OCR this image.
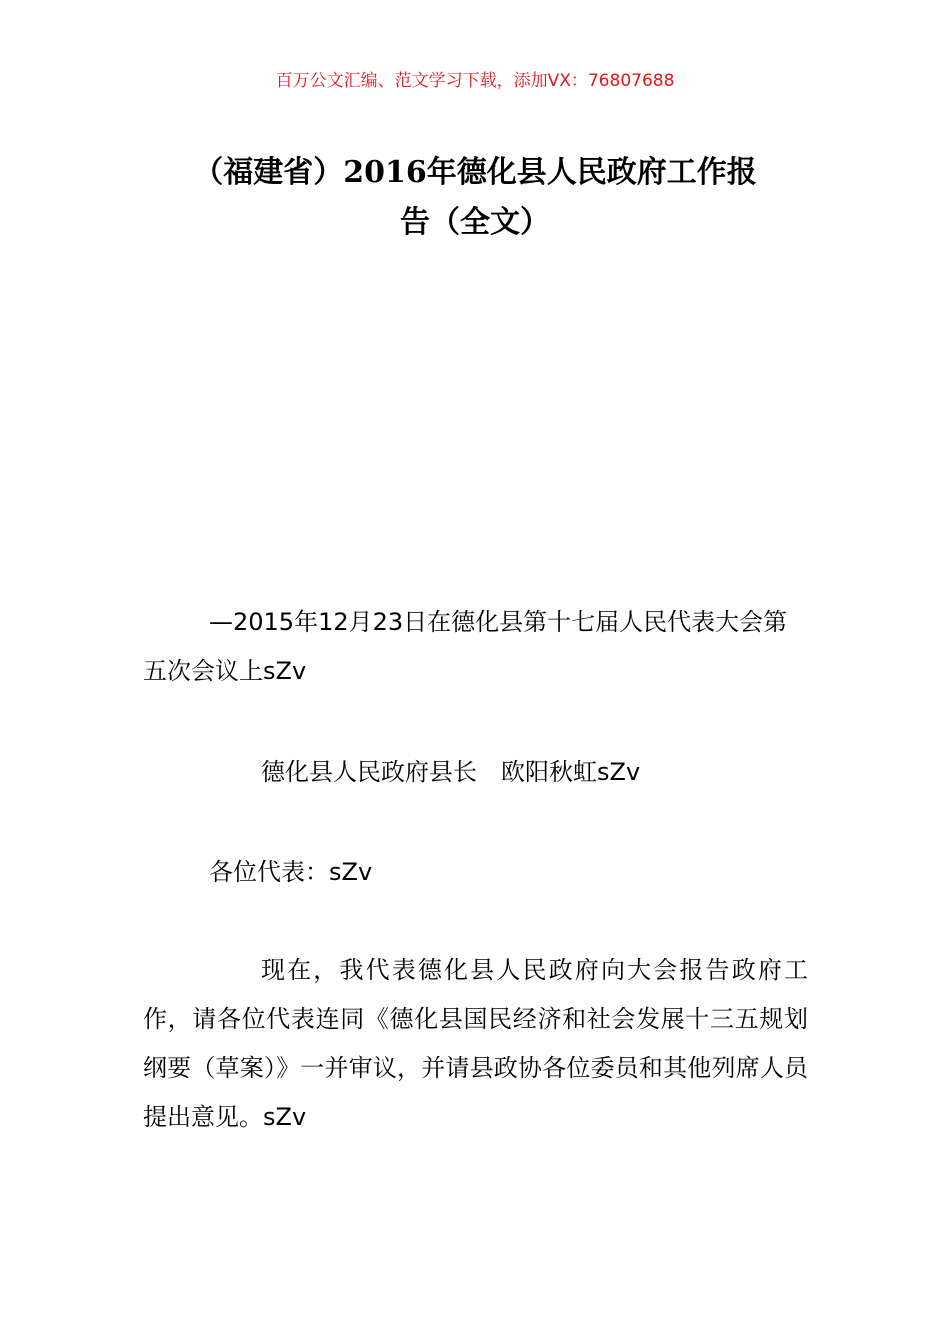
百万公文汇编、范文学习下载，添加VX：76807688
（福建省）2016年德化县人民政府工作报
告（全文）
—2015年12月23日在德化县第十七届人民代表大会第五次会议上sZv
德化县人民政府县长　欧阳秋虹sZv
各位代表：sZv
现在，我代表德化县人民政府向大会报告政府工作，请各位代表连同《德化县国民经济和社会发展十三五规划纲要（草案）》一并审议，并请县政协各位委员和其他列席人员提出意见。sZv
